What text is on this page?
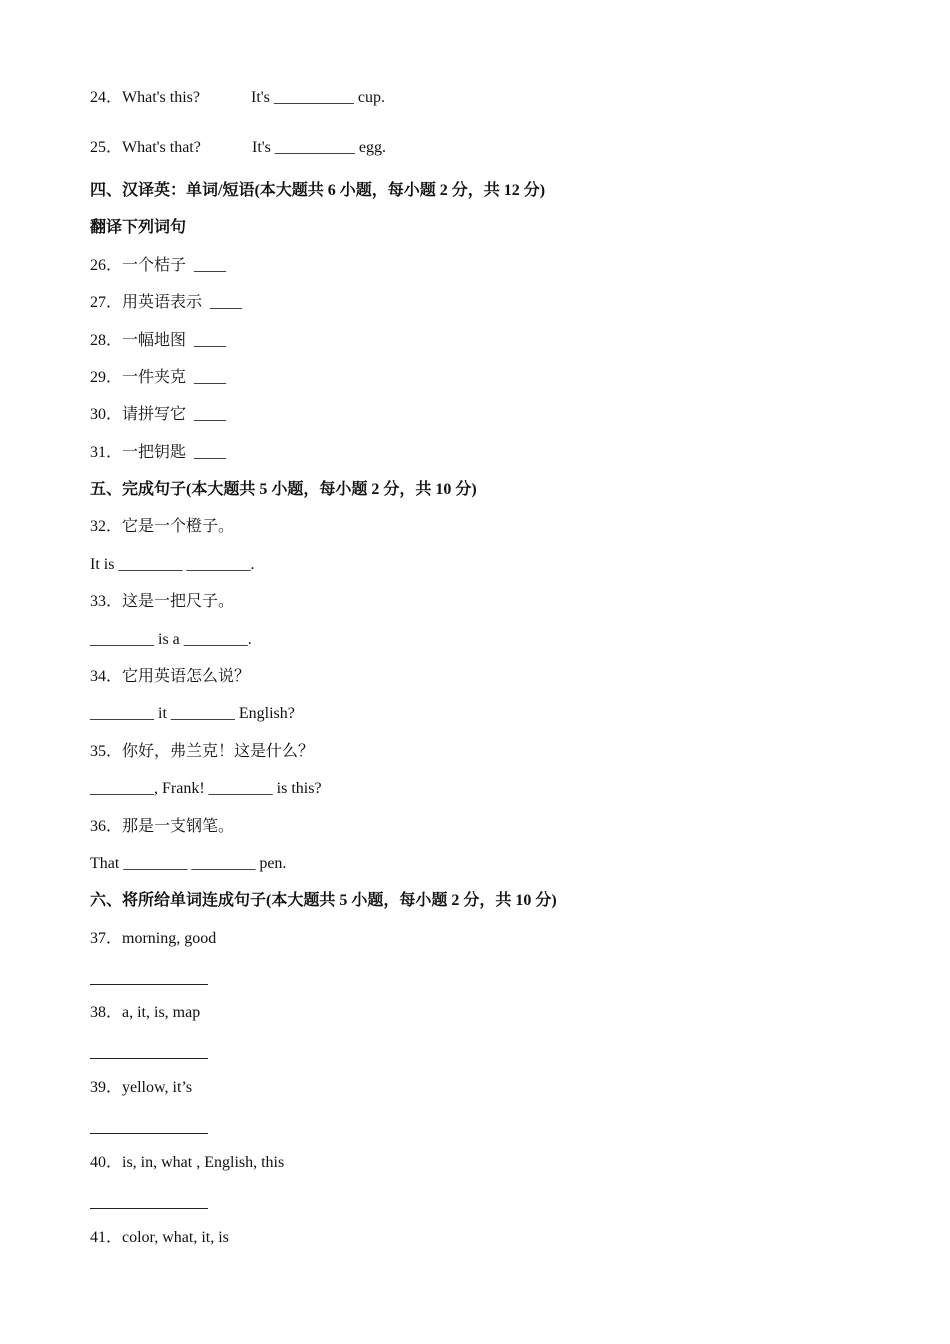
24．What's this?	It's __________ cup.
25．What's that?	It's __________ egg.
四、汉译英：单词/短语(本大题共 6 小题，每小题 2 分，共 12 分)
翻译下列词句
26．一个桔子  ____
27．用英语表示  ____
28．一幅地图  ____
29．一件夹克  ____
30．请拼写它  ____
31．一把钥匙  ____
五、完成句子(本大题共 5 小题，每小题 2 分，共 10 分)
32．它是一个橙子。
It is ________ ________.
33．这是一把尺子。
________ is a ________.
34．它用英语怎么说？
________ it ________ English?
35．你好，弗兰克！这是什么？
________, Frank! ________ is this?
36．那是一支钢笔。
That ________ ________ pen.
六、将所给单词连成句子(本大题共 5 小题，每小题 2 分，共 10 分)
37．morning, good
38．a, it, is, map
39．yellow, it’s
40．is, in, what , English, this
41．color, what, it, is
